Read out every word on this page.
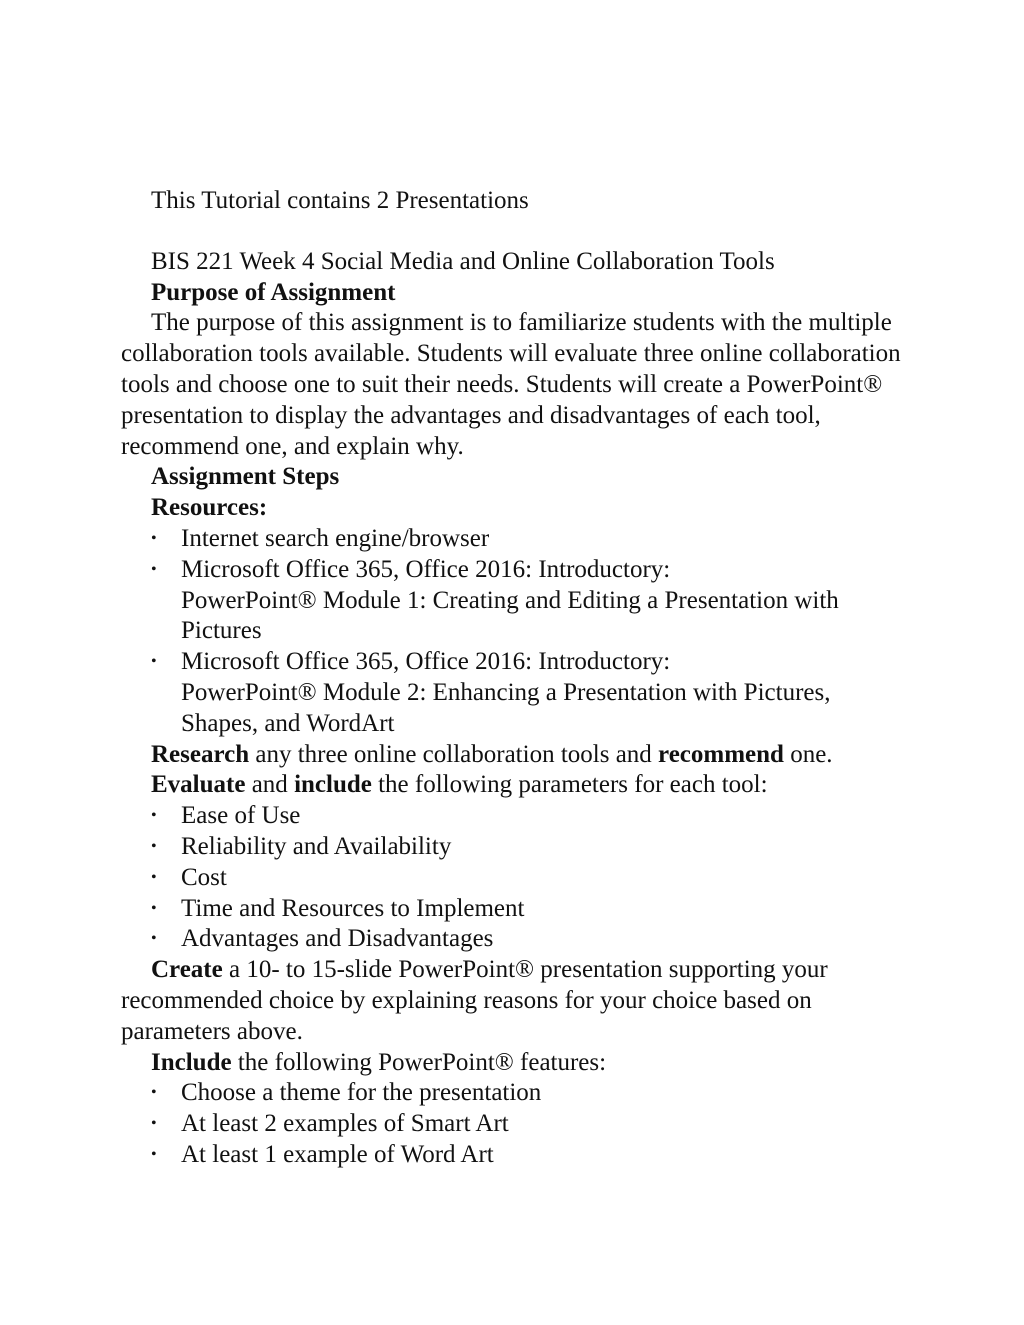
This Tutorial contains 2 Presentations

BIS 221 Week 4 Social Media and Online Collaboration Tools

Purpose of Assignment

The purpose of this assignment is to familiarize students with the multiple collaboration tools available. Students will evaluate three online collaboration tools and choose one to suit their needs. Students will create a PowerPoint® presentation to display the advantages and disadvantages of each tool, recommend one, and explain why.

Assignment Steps

Resources:

• Internet search engine/browser
• Microsoft Office 365, Office 2016: Introductory:
PowerPoint® Module 1: Creating and Editing a Presentation with Pictures
• Microsoft Office 365, Office 2016: Introductory:
PowerPoint® Module 2: Enhancing a Presentation with Pictures, Shapes, and WordArt

Research any three online collaboration tools and recommend one.

Evaluate and include the following parameters for each tool:

• Ease of Use
• Reliability and Availability
• Cost
• Time and Resources to Implement
• Advantages and Disadvantages

Create a 10- to 15-slide PowerPoint® presentation supporting your recommended choice by explaining reasons for your choice based on parameters above.

Include the following PowerPoint® features:

• Choose a theme for the presentation
• At least 2 examples of Smart Art
• At least 1 example of Word Art
